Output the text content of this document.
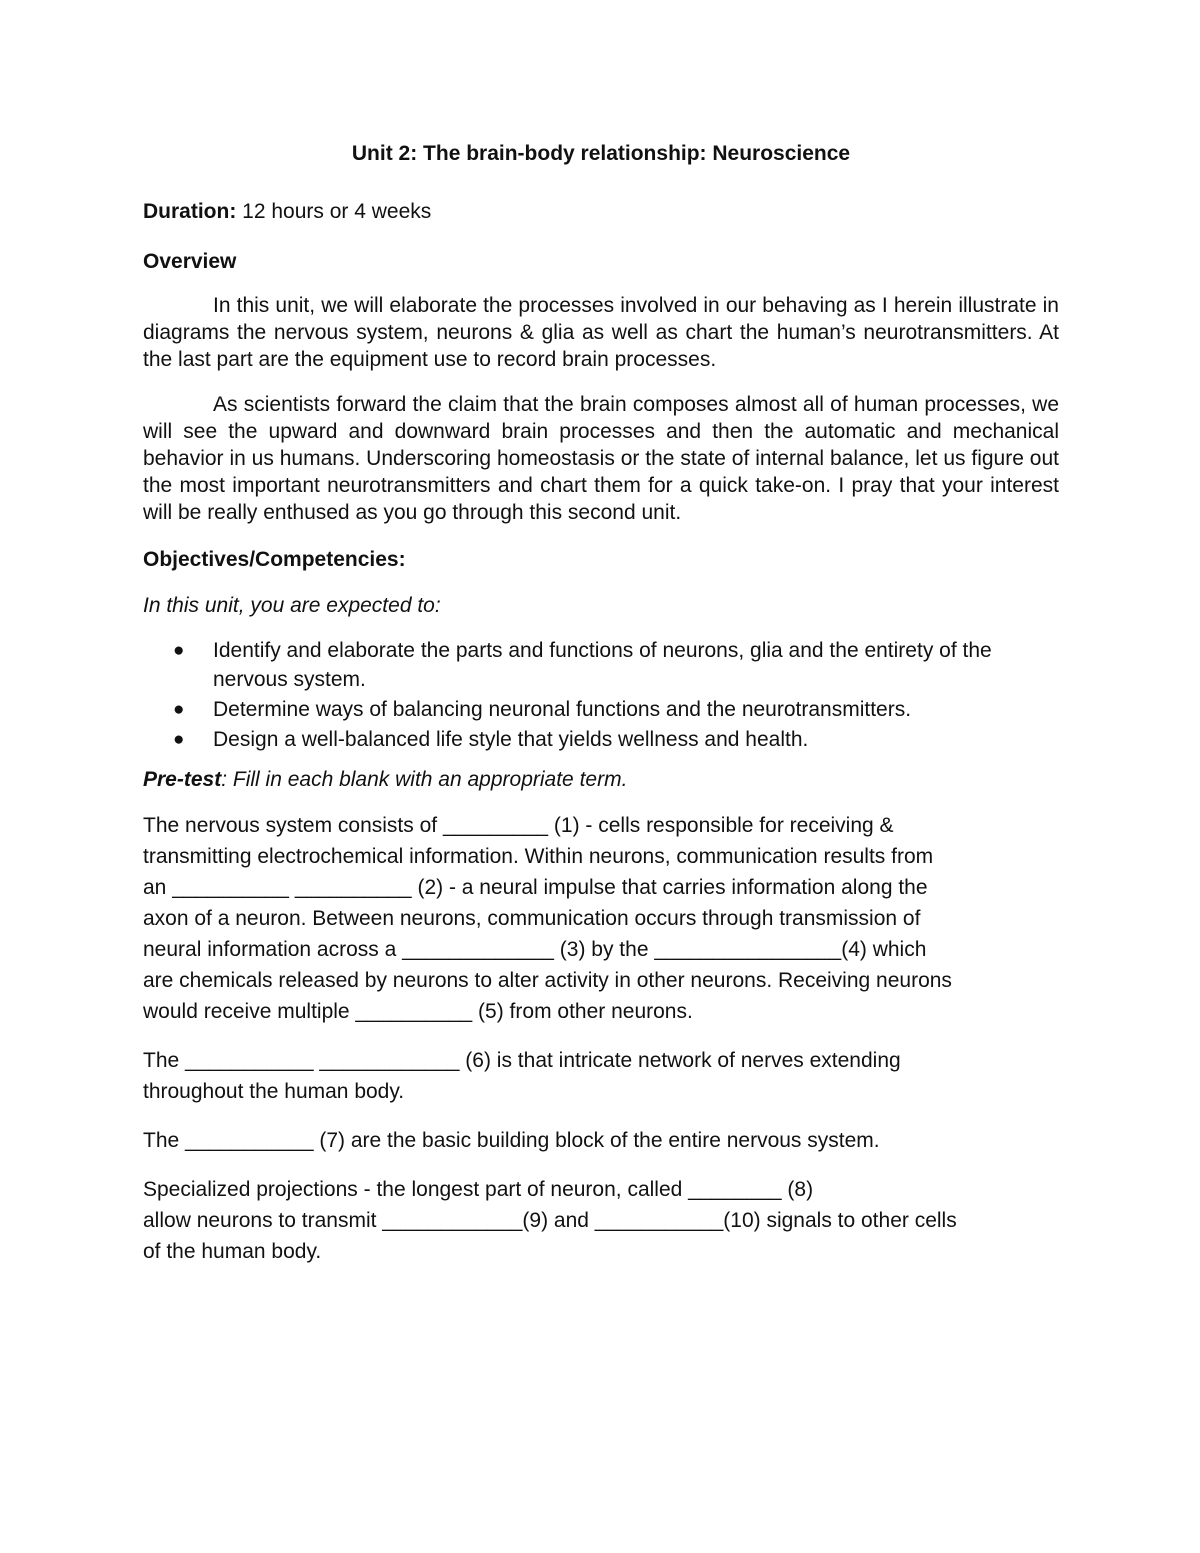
Unit 2: The brain-body relationship: Neuroscience
Duration: 12 hours or 4 weeks
Overview

In this unit, we will elaborate the processes involved in our behaving as I herein illustrate in diagrams the nervous system, neurons & glia as well as chart the human’s neurotransmitters. At the last part are the equipment use to record brain processes.

As scientists forward the claim that the brain composes almost all of human processes, we will see the upward and downward brain processes and then the automatic and mechanical behavior in us humans. Underscoring homeostasis or the state of internal balance, let us figure out the most important neurotransmitters and chart them for a quick take-on. I pray that your interest will be really enthused as you go through this second unit.

Objectives/Competencies:
In this unit, you are expected to:
● Identify and elaborate the parts and functions of neurons, glia and the entirety of the nervous system.
● Determine ways of balancing neuronal functions and the neurotransmitters.
● Design a well-balanced life style that yields wellness and health.
Pre-test: Fill in each blank with an appropriate term.
The nervous system consists of _________ (1) - cells responsible for receiving &
transmitting electrochemical information. Within neurons, communication results from
an __________ __________ (2) - a neural impulse that carries information along the
axon of a neuron. Between neurons, communication occurs through transmission of
neural information across a _____________ (3) by the ________________(4) which
are chemicals released by neurons to alter activity in other neurons. Receiving neurons
would receive multiple __________ (5) from other neurons.
The ___________ ____________ (6) is that intricate network of nerves extending
throughout the human body.
The ___________ (7) are the basic building block of the entire nervous system.
Specialized projections - the longest part of neuron, called ________ (8)
allow neurons to transmit ____________(9) and ___________(10) signals to other cells
of the human body.
